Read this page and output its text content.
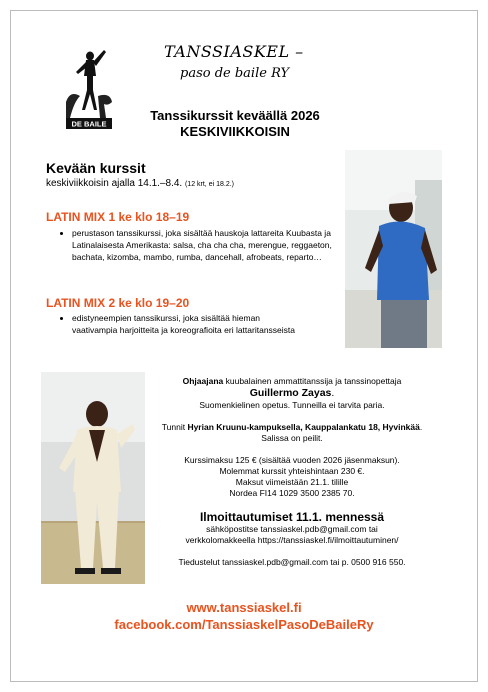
DE BAILE
TANSSIASKEL –
paso de baile RY
Tanssikurssit keväällä 2026
KESKIVIIKKOISIN
Kevään kurssit
keskiviikkoisin ajalla 14.1.–8.4. (12 krt, ei 18.2.)
LATIN MIX 1 ke klo 18–19
• perustason tanssikurssi, joka sisältää hauskoja lattareita Kuubasta ja Latinalaisesta Amerikasta: salsa, cha cha cha, merengue, reggaeton, bachata, kizomba, mambo, rumba, dancehall, afrobeats, reparto…
LATIN MIX 2 ke klo 19–20
• edistyneempien tanssikurssi, joka sisältää hieman vaativampia harjoitteita ja koreografioita eri lattaritansseista

Ohjaajana kuubalainen ammattitanssija ja tanssinopettaja

Guillermo Zayas.

Suomenkielinen opetus. Tunneilla ei tarvita paria.

Tunnit Hyrian Kruunu-kampuksella, Kauppalankatu 18, Hyvinkää.

Salissa on peilit.

Kurssimaksu 125 € (sisältää vuoden 2026 jäsenmaksun).

Molemmat kurssit yhteishintaan 230 €.

Maksut viimeistään 21.1. tilille

Nordea FI14 1029 3500 2385 70.

Ilmoittautumiset 11.1. mennessä

sähköpostitse tanssiaskel.pdb@gmail.com tai

verkkolomakkeella https://tanssiaskel.fi/ilmoittautuminen/

Tiedustelut tanssiaskel.pdb@gmail.com tai p. 0500 916 550.

www.tanssiaskel.fi
facebook.com/TanssiaskelPasoDeBaileRy
